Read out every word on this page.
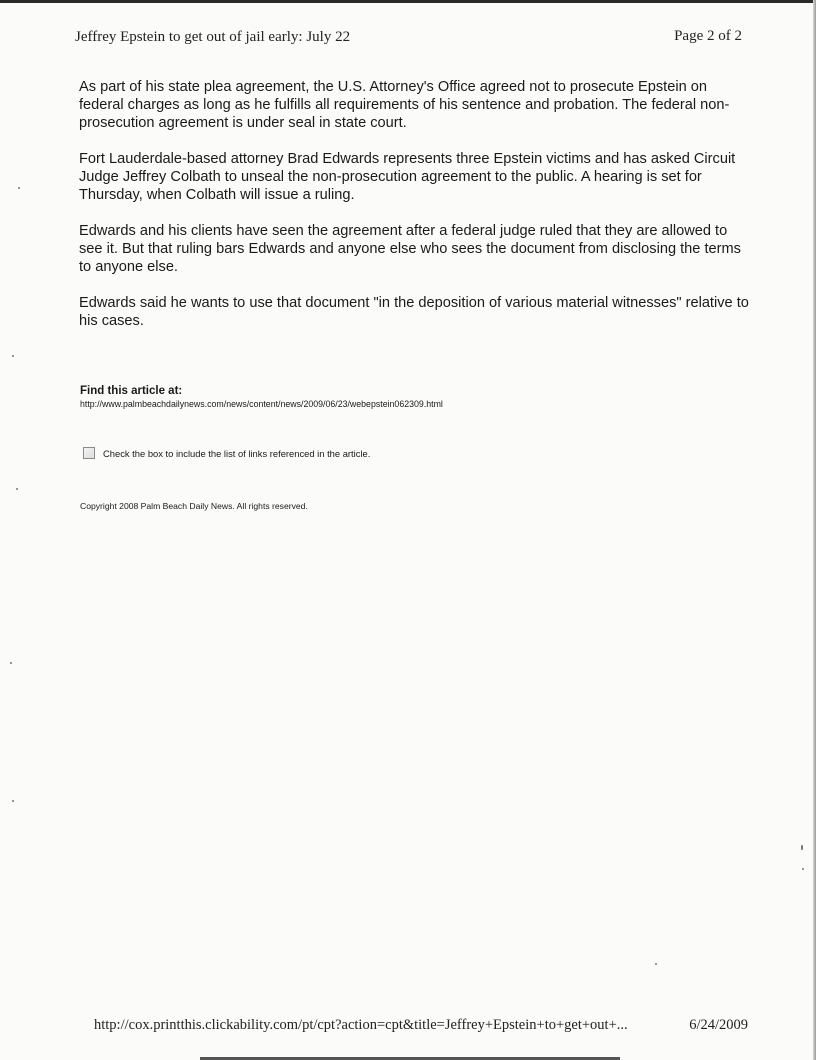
Jeffrey Epstein to get out of jail early: July 22	Page 2 of 2

As part of his state plea agreement, the U.S. Attorney's Office agreed not to prosecute Epstein on federal charges as long as he fulfills all requirements of his sentence and probation. The federal non-prosecution agreement is under seal in state court.

Fort Lauderdale-based attorney Brad Edwards represents three Epstein victims and has asked Circuit Judge Jeffrey Colbath to unseal the non-prosecution agreement to the public. A hearing is set for Thursday, when Colbath will issue a ruling.

Edwards and his clients have seen the agreement after a federal judge ruled that they are allowed to see it. But that ruling bars Edwards and anyone else who sees the document from disclosing the terms to anyone else.

Edwards said he wants to use that document "in the deposition of various material witnesses" relative to his cases.

Find this article at:
http://www.palmbeachdailynews.com/news/content/news/2009/06/23/webepstein062309.html
Check the box to include the list of links referenced in the article.
Copyright 2008 Palm Beach Daily News. All rights reserved.
http://cox.printthis.clickability.com/pt/cpt?action=cpt&title=Jeffrey+Epstein+to+get+out+...	6/24/2009
